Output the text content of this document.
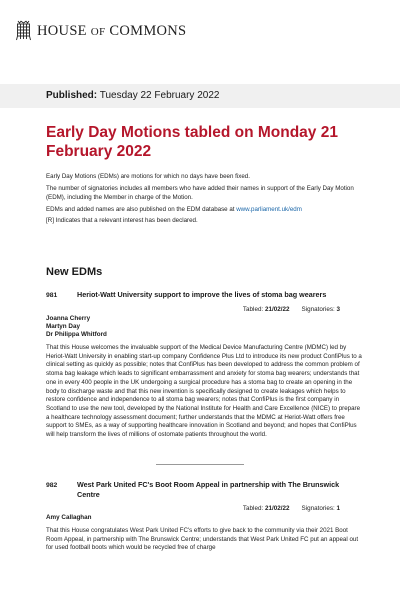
HOUSE OF COMMONS
Published: Tuesday 22 February 2022
Early Day Motions tabled on Monday 21 February 2022
Early Day Motions (EDMs) are motions for which no days have been fixed.
The number of signatories includes all members who have added their names in support of the Early Day Motion (EDM), including the Member in charge of the Motion.
EDMs and added names are also published on the EDM database at www.parliament.uk/edm
[R] Indicates that a relevant interest has been declared.
New EDMs
981	Heriot-Watt University support to improve the lives of stoma bag wearers
Tabled: 21/02/22 Signatories: 3
Joanna Cherry
Martyn Day
Dr Philippa Whitford
That this House welcomes the invaluable support of the Medical Device Manufacturing Centre (MDMC) led by Heriot-Watt University in enabling start-up company Confidence Plus Ltd to introduce its new product ConfiPlus to a clinical setting as quickly as possible; notes that ConfiPlus has been developed to address the common problem of stoma bag leakage which leads to significant embarrassment and anxiety for stoma bag wearers; understands that one in every 400 people in the UK undergoing a surgical procedure has a stoma bag to create an opening in the body to discharge waste and that this new invention is specifically designed to create leakages which helps to restore confidence and independence to all stoma bag wearers; notes that ConfiPlus is the first company in Scotland to use the new tool, developed by the National Institute for Health and Care Excellence (NICE) to prepare a healthcare technology assessment document; further understands that the MDMC at Heriot-Watt offers free support to SMEs, as a way of supporting healthcare innovation in Scotland and beyond; and hopes that ConfiPlus will help transform the lives of millions of ostomate patients throughout the world.
982	West Park United FC's Boot Room Appeal in partnership with The Brunswick Centre
Tabled: 21/02/22 Signatories: 1
Amy Callaghan
That this House congratulates West Park United FC's efforts to give back to the community via their 2021 Boot Room Appeal, in partnership with The Brunswick Centre; understands that West Park United FC put an appeal out for used football boots which would be recycled free of charge
